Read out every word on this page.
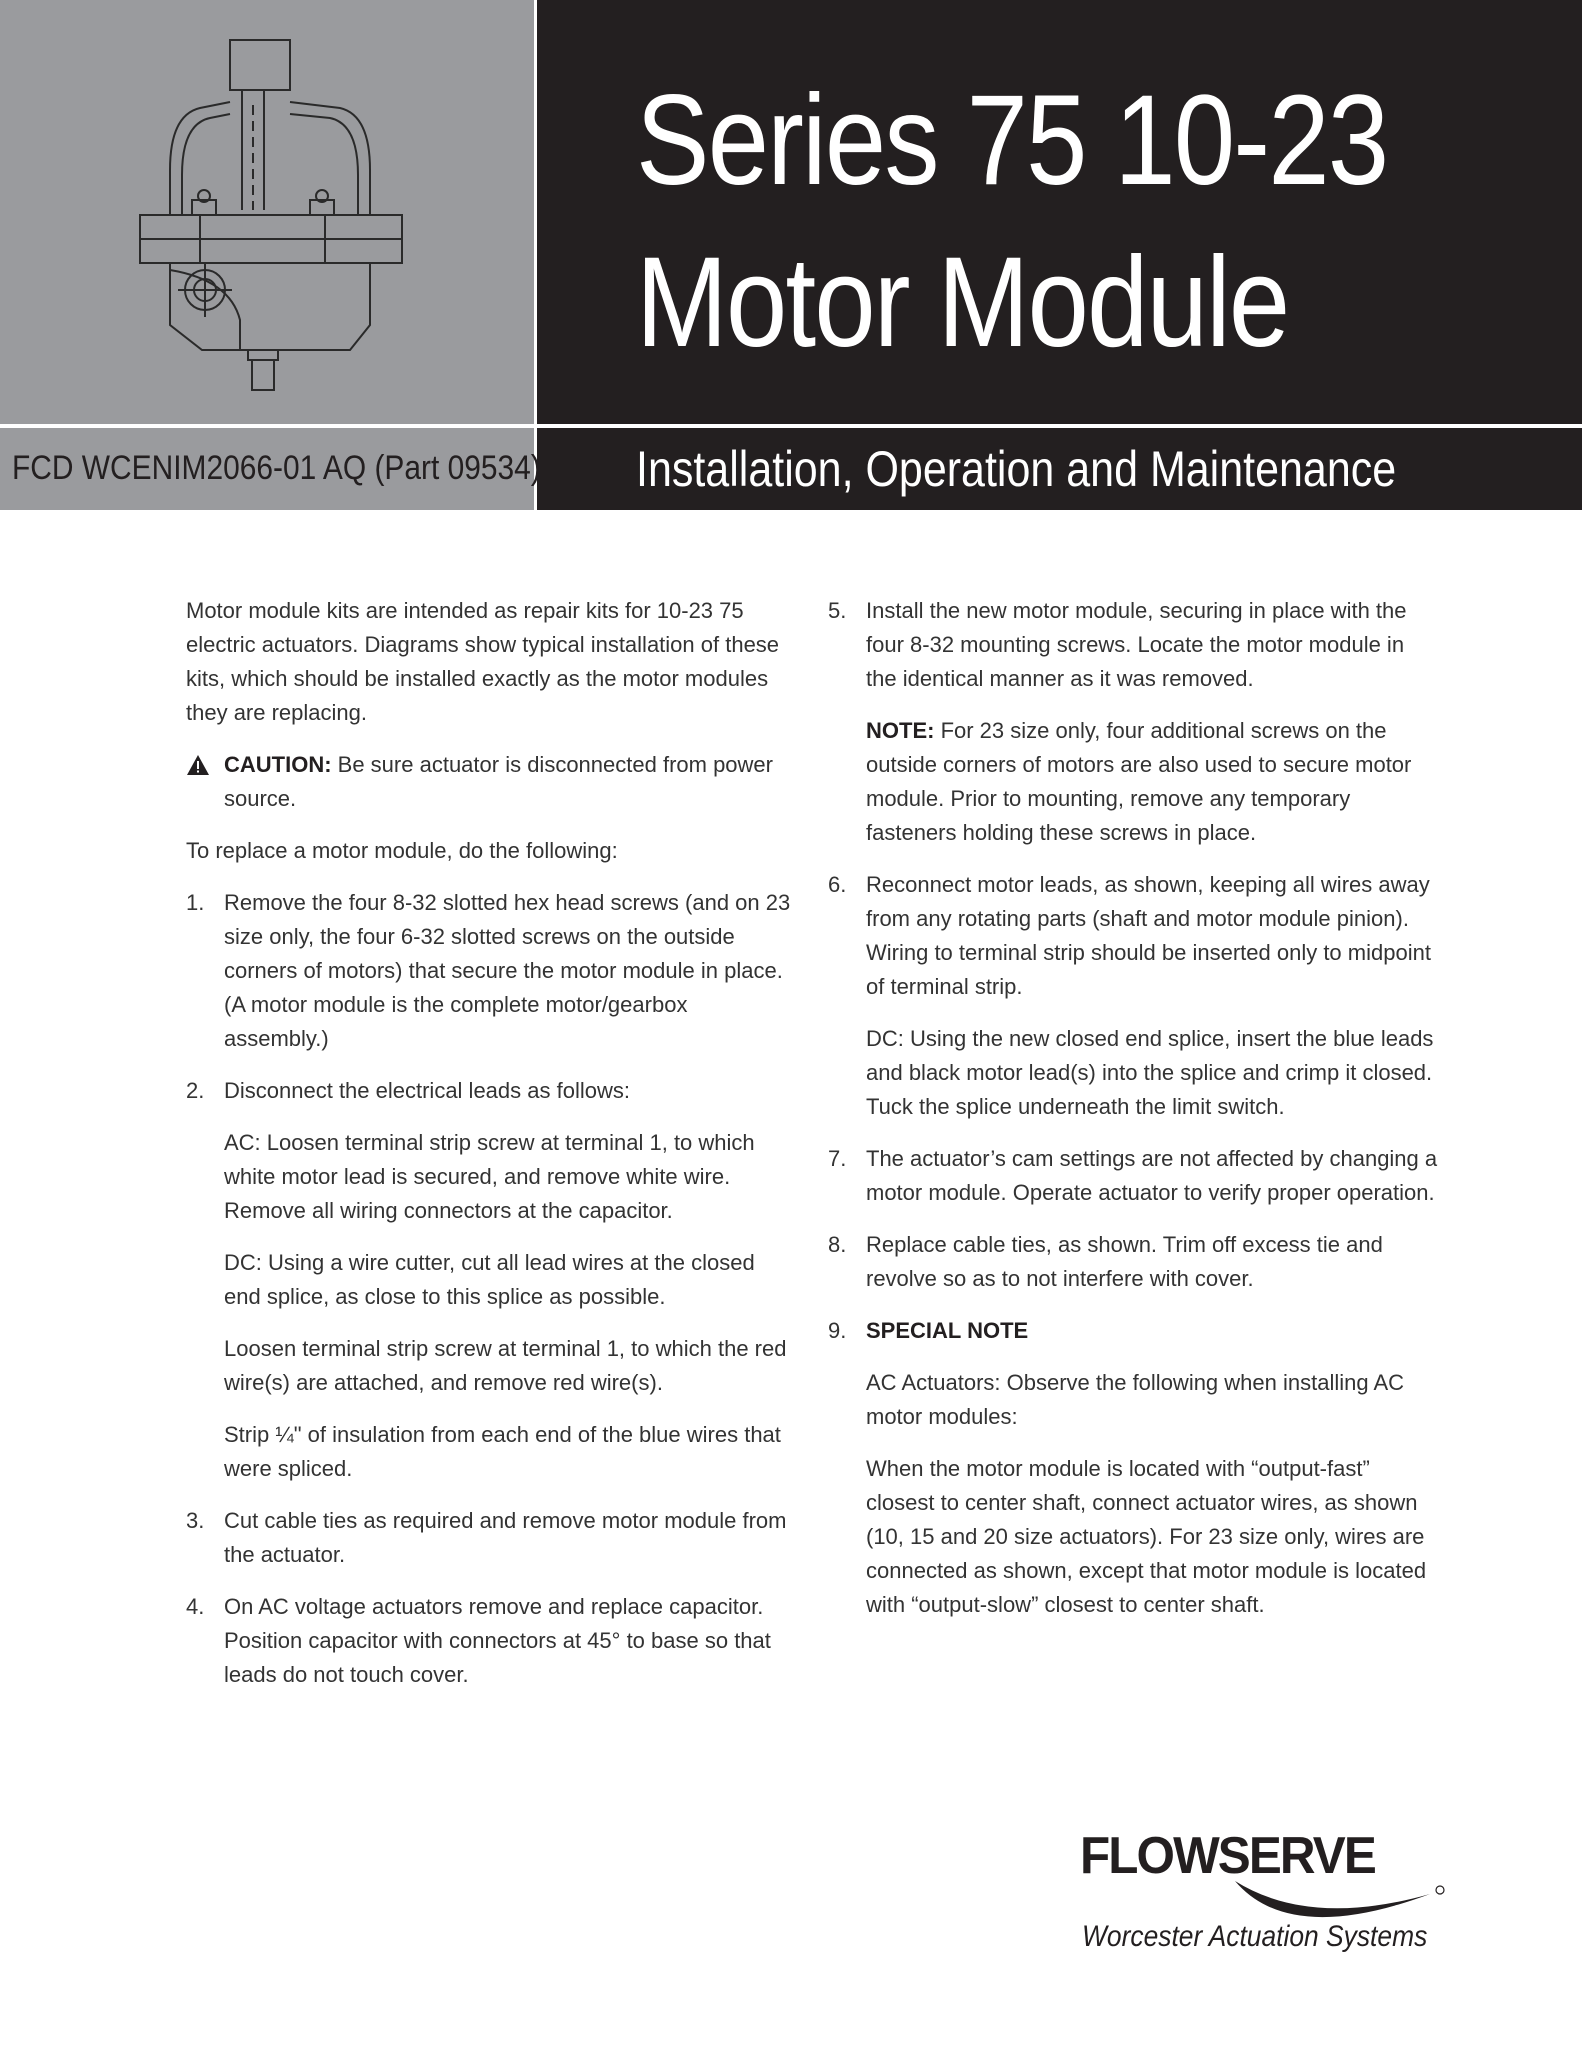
Series 75 10-23
Motor Module
Installation, Operation and Maintenance
FCD WCENIM2066-01 AQ (Part 09534)

Motor module kits are intended as repair kits for 10-23 75 electric actuators. Diagrams show typical installation of these kits, which should be installed exactly as the motor modules they are replacing.

CAUTION: Be sure actuator is disconnected from power source.

To replace a motor module, do the following:

1. Remove the four 8-32 slotted hex head screws (and on 23 size only, the four 6-32 slotted screws on the outside corners of motors) that secure the motor module in place. (A motor module is the complete motor/gearbox assembly.)

2. Disconnect the electrical leads as follows:

AC: Loosen terminal strip screw at terminal 1, to which white motor lead is secured, and remove white wire. Remove all wiring connectors at the capacitor.

DC: Using a wire cutter, cut all lead wires at the closed end splice, as close to this splice as possible.

Loosen terminal strip screw at terminal 1, to which the red wire(s) are attached, and remove red wire(s).

Strip ¼" of insulation from each end of the blue wires that were spliced.

3. Cut cable ties as required and remove motor module from the actuator.

4. On AC voltage actuators remove and replace capacitor. Position capacitor with connectors at 45° to base so that leads do not touch cover.

5. Install the new motor module, securing in place with the four 8-32 mounting screws. Locate the motor module in the identical manner as it was removed.

NOTE: For 23 size only, four additional screws on the outside corners of motors are also used to secure motor module. Prior to mounting, remove any temporary fasteners holding these screws in place.

6. Reconnect motor leads, as shown, keeping all wires away from any rotating parts (shaft and motor module pinion). Wiring to terminal strip should be inserted only to midpoint of terminal strip.

DC: Using the new closed end splice, insert the blue leads and black motor lead(s) into the splice and crimp it closed. Tuck the splice underneath the limit switch.

7. The actuator’s cam settings are not affected by changing a motor module. Operate actuator to verify proper operation.

8. Replace cable ties, as shown. Trim off excess tie and revolve so as to not interfere with cover.

9. SPECIAL NOTE

AC Actuators: Observe the following when installing AC motor modules:

When the motor module is located with “output-fast” closest to center shaft, connect actuator wires, as shown (10, 15 and 20 size actuators). For 23 size only, wires are connected as shown, except that motor module is located with “output-slow” closest to center shaft.

FLOWSERVE
Worcester Actuation Systems
